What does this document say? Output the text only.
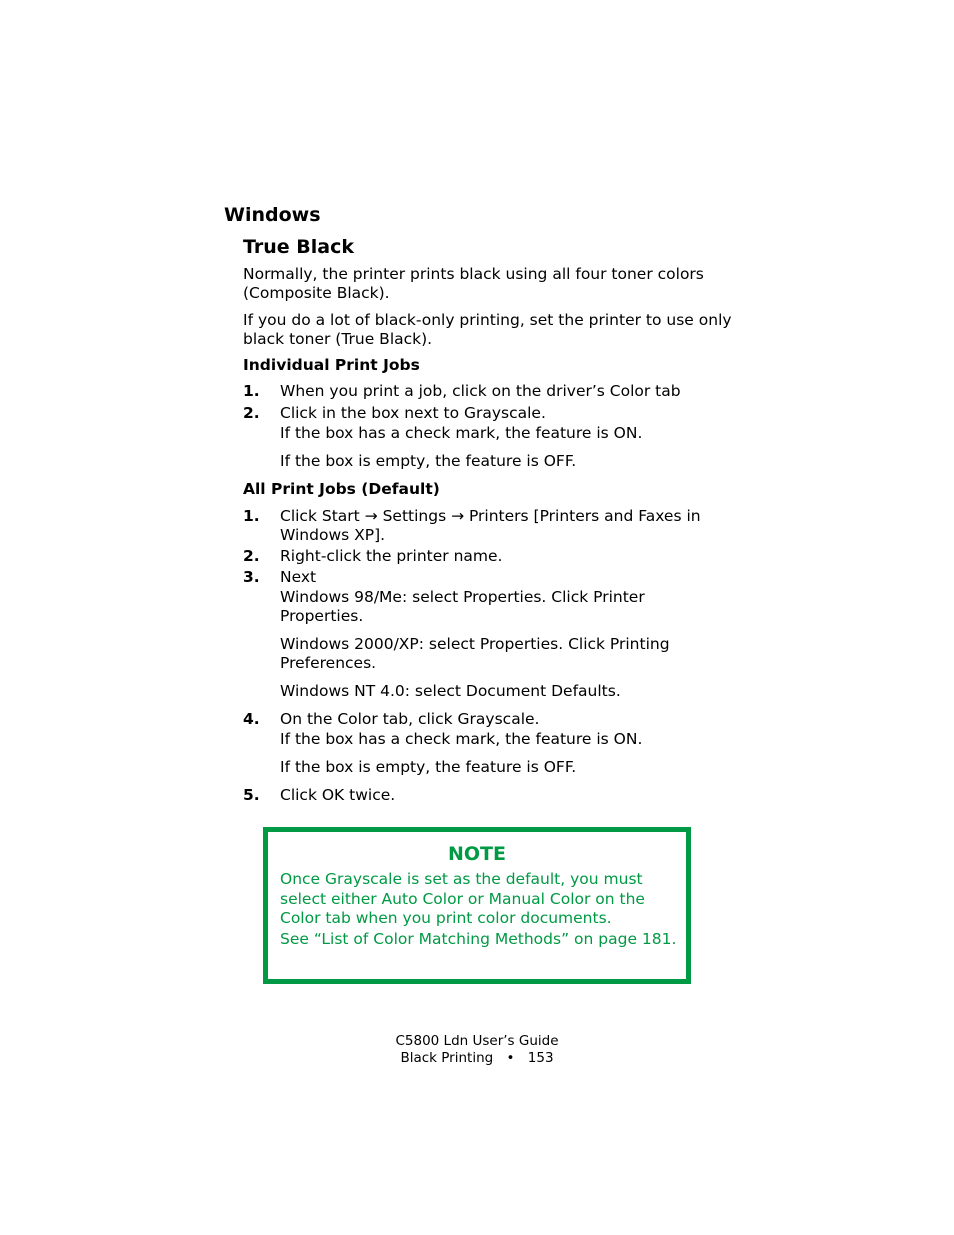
Windows
True Black
Normally, the printer prints black using all four toner colors (Composite Black).
If you do a lot of black-only printing, set the printer to use only black toner (True Black).
Individual Print Jobs
1. When you print a job, click on the driver’s Color tab
2. Click in the box next to Grayscale.
If the box has a check mark, the feature is ON.
If the box is empty, the feature is OFF.
All Print Jobs (Default)
1. Click Start → Settings → Printers [Printers and Faxes in Windows XP].
2. Right-click the printer name.
3. Next
Windows 98/Me: select Properties. Click Printer Properties.
Windows 2000/XP: select Properties. Click Printing Preferences.
Windows NT 4.0: select Document Defaults.
4. On the Color tab, click Grayscale.
If the box has a check mark, the feature is ON.
If the box is empty, the feature is OFF.
5. Click OK twice.
NOTE
Once Grayscale is set as the default, you must select either Auto Color or Manual Color on the Color tab when you print color documents.
See “List of Color Matching Methods” on page 181.
C5800 Ldn User’s Guide
Black Printing • 153
